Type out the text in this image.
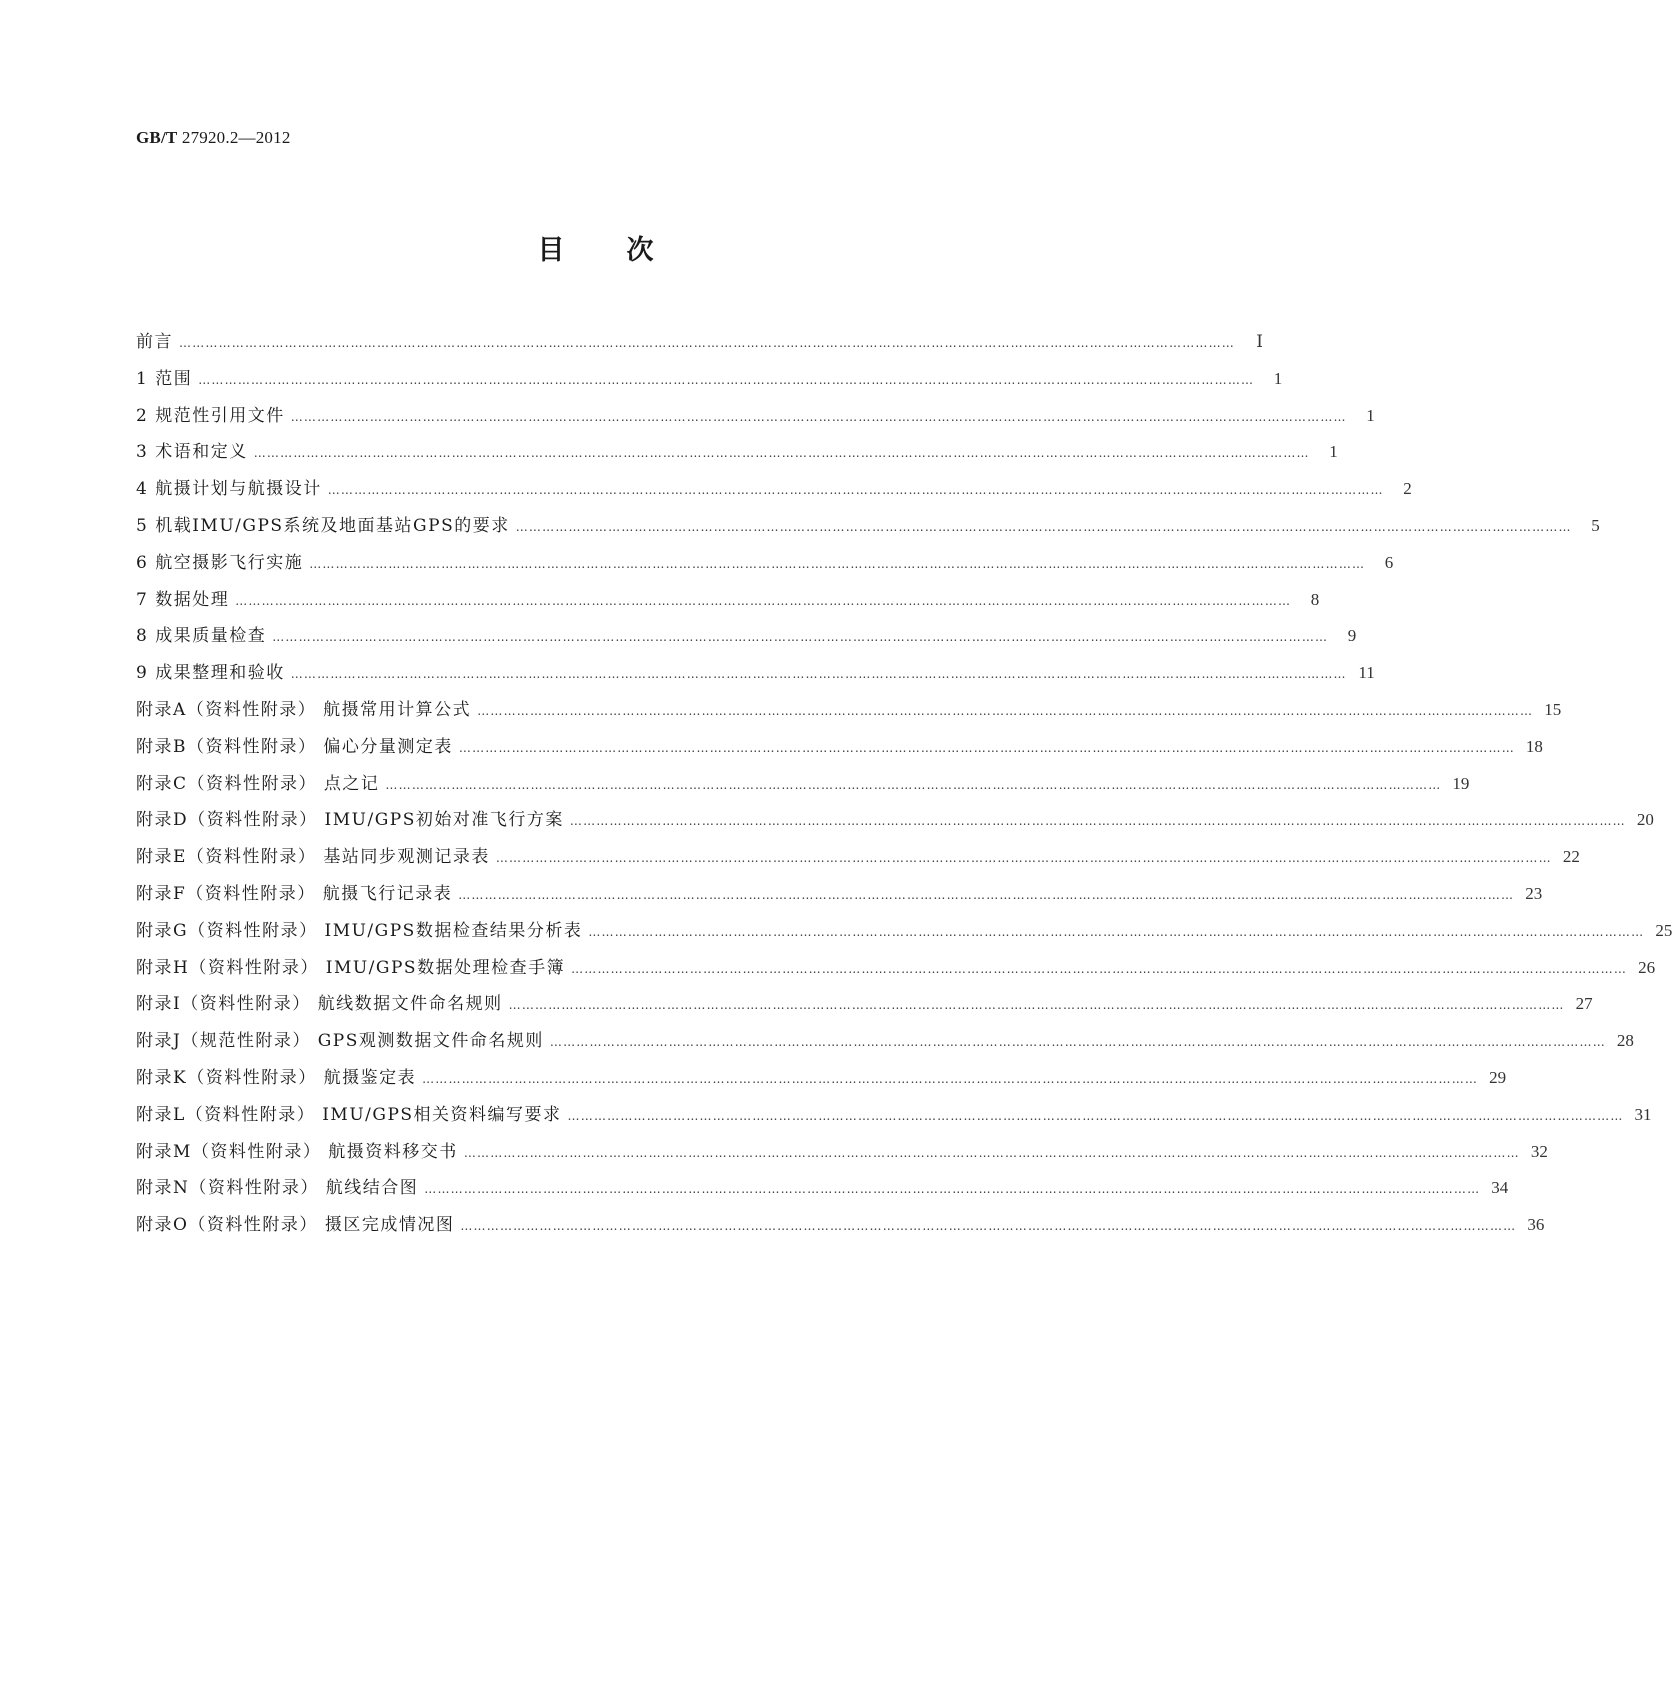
GB/T 27920.2—2012
目次
前言 ……………………………………………………………………………………………………………………………………………………………………………………………………………………	Ⅰ
1 范围 ……………………………………………………………………………………………………………………………………………………………………………………………………………………	1
2 规范性引用文件 ……………………………………………………………………………………………………………………………………………………………………………………………………………………	1
3 术语和定义 ……………………………………………………………………………………………………………………………………………………………………………………………………………………	1
4 航摄计划与航摄设计 ……………………………………………………………………………………………………………………………………………………………………………………………………………………	2
5 机载IMU/GPS系统及地面基站GPS的要求 ……………………………………………………………………………………………………………………………………………………………………………………………………………………	5
6 航空摄影飞行实施 ……………………………………………………………………………………………………………………………………………………………………………………………………………………	6
7 数据处理 ……………………………………………………………………………………………………………………………………………………………………………………………………………………	8
8 成果质量检查 ……………………………………………………………………………………………………………………………………………………………………………………………………………………	9
9 成果整理和验收 …………………………………………………………………………………………………………………………………………………………………………………………………………………… 11
附录A（资料性附录） 航摄常用计算公式 …………………………………………………………………………………………………………………………………………………………………………………………………………………… 15
附录B（资料性附录） 偏心分量测定表 …………………………………………………………………………………………………………………………………………………………………………………………………………………… 18
附录C（资料性附录） 点之记 …………………………………………………………………………………………………………………………………………………………………………………………………………………… 19
附录D（资料性附录） IMU/GPS初始对准飞行方案 …………………………………………………………………………………………………………………………………………………………………………………………………………………… 20
附录E（资料性附录） 基站同步观测记录表 …………………………………………………………………………………………………………………………………………………………………………………………………………………… 22
附录F（资料性附录） 航摄飞行记录表 …………………………………………………………………………………………………………………………………………………………………………………………………………………… 23
附录G（资料性附录） IMU/GPS数据检查结果分析表 …………………………………………………………………………………………………………………………………………………………………………………………………………………… 25
附录H（资料性附录） IMU/GPS数据处理检查手簿 …………………………………………………………………………………………………………………………………………………………………………………………………………………… 26
附录I（资料性附录） 航线数据文件命名规则 …………………………………………………………………………………………………………………………………………………………………………………………………………………… 27
附录J（规范性附录） GPS观测数据文件命名规则 …………………………………………………………………………………………………………………………………………………………………………………………………………………… 28
附录K（资料性附录） 航摄鉴定表 …………………………………………………………………………………………………………………………………………………………………………………………………………………… 29
附录L（资料性附录） IMU/GPS相关资料编写要求 …………………………………………………………………………………………………………………………………………………………………………………………………………………… 31
附录M（资料性附录） 航摄资料移交书 …………………………………………………………………………………………………………………………………………………………………………………………………………………… 32
附录N（资料性附录） 航线结合图 …………………………………………………………………………………………………………………………………………………………………………………………………………………… 34
附录O（资料性附录） 摄区完成情况图 …………………………………………………………………………………………………………………………………………………………………………………………………………………… 36
